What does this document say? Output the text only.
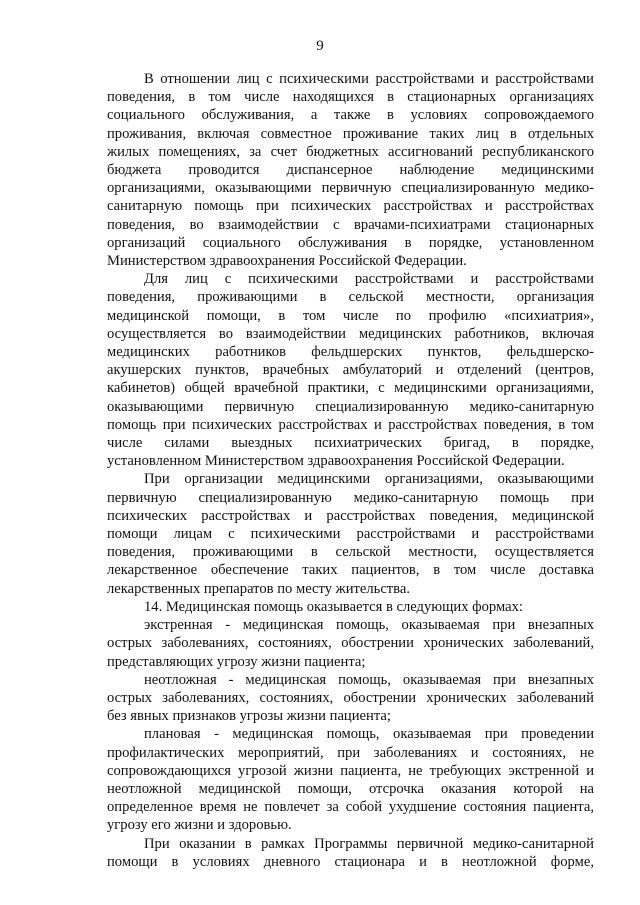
9
В отношении лиц с психическими расстройствами и расстройствами
поведения, в том числе находящихся в стационарных организациях
социального обслуживания, а также в условиях сопровождаемого
проживания, включая совместное проживание таких лиц в отдельных
жилых помещениях, за счет бюджетных ассигнований республиканского
бюджета проводится диспансерное наблюдение медицинскими
организациями, оказывающими первичную специализированную медико-
санитарную помощь при психических расстройствах и расстройствах
поведения, во взаимодействии с врачами-психиатрами стационарных
организаций социального обслуживания в порядке, установленном
Министерством здравоохранения Российской Федерации.
Для лиц с психическими расстройствами и расстройствами
поведения, проживающими в сельской местности, организация
медицинской помощи, в том числе по профилю «психиатрия»,
осуществляется во взаимодействии медицинских работников, включая
медицинских работников фельдшерских пунктов, фельдшерско-
акушерских пунктов, врачебных амбулаторий и отделений (центров,
кабинетов) общей врачебной практики, с медицинскими организациями,
оказывающими первичную специализированную медико-санитарную
помощь при психических расстройствах и расстройствах поведения, в том
числе силами выездных психиатрических бригад, в порядке,
установленном Министерством здравоохранения Российской Федерации.
При организации медицинскими организациями, оказывающими
первичную специализированную медико-санитарную помощь при
психических расстройствах и расстройствах поведения, медицинской
помощи лицам с психическими расстройствами и расстройствами
поведения, проживающими в сельской местности, осуществляется
лекарственное обеспечение таких пациентов, в том числе доставка
лекарственных препаратов по месту жительства.
14. Медицинская помощь оказывается в следующих формах:
экстренная - медицинская помощь, оказываемая при внезапных
острых заболеваниях, состояниях, обострении хронических заболеваний,
представляющих угрозу жизни пациента;
неотложная - медицинская помощь, оказываемая при внезапных
острых заболеваниях, состояниях, обострении хронических заболеваний
без явных признаков угрозы жизни пациента;
плановая - медицинская помощь, оказываемая при проведении
профилактических мероприятий, при заболеваниях и состояниях, не
сопровождающихся угрозой жизни пациента, не требующих экстренной и
неотложной медицинской помощи, отсрочка оказания которой на
определенное время не повлечет за собой ухудшение состояния пациента,
угрозу его жизни и здоровью.
При оказании в рамках Программы первичной медико-санитарной
помощи в условиях дневного стационара и в неотложной форме,
